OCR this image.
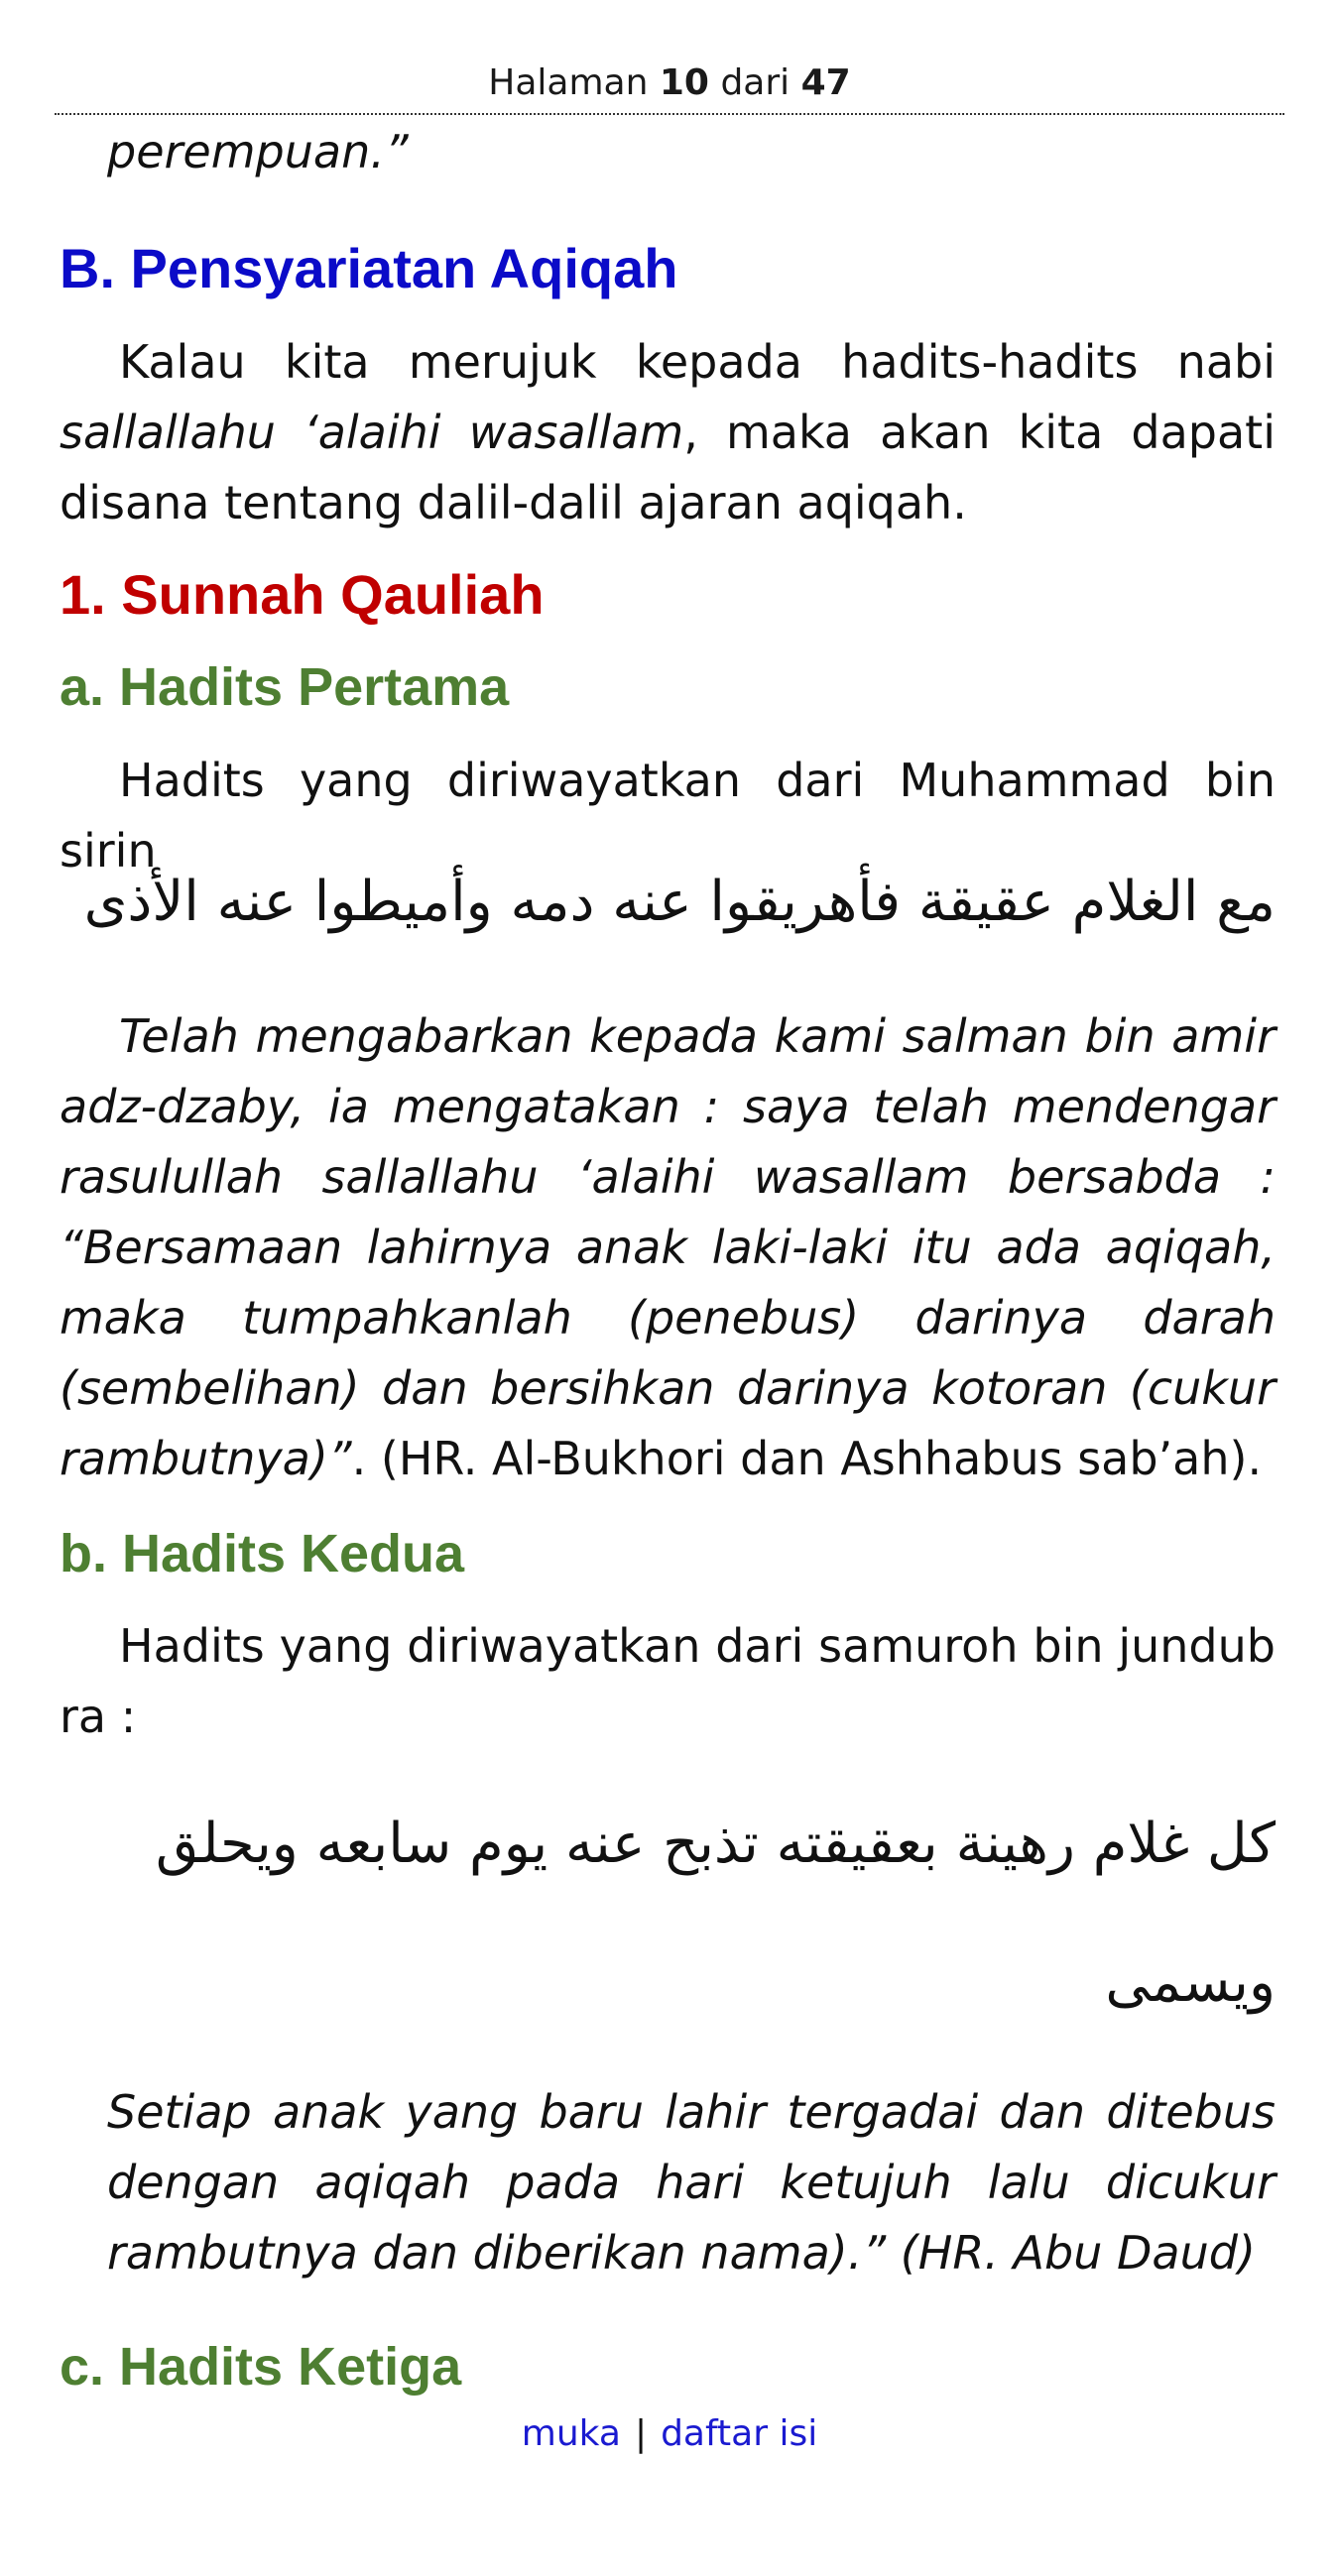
Halaman 10 dari 47
perempuan.”
B. Pensyariatan Aqiqah
Kalau kita merujuk kepada hadits-hadits nabi sallallahu ‘alaihi wasallam, maka akan kita dapati disana tentang dalil-dalil ajaran aqiqah.
1. Sunnah Qauliah
a. Hadits Pertama
Hadits yang diriwayatkan dari Muhammad bin sirin
مع الغلام عقيقة فأهريقوا عنه دمه وأميطوا عنه الأذى
Telah mengabarkan kepada kami salman bin amir adz-dzaby, ia mengatakan : saya telah mendengar rasulullah sallallahu ‘alaihi wasallam bersabda : “Bersamaan lahirnya anak laki-laki itu ada aqiqah, maka tumpahkanlah (penebus) darinya darah (sembelihan) dan bersihkan darinya kotoran (cukur rambutnya)”. (HR. Al-Bukhori dan Ashhabus sab’ah).
b. Hadits Kedua
Hadits yang diriwayatkan dari samuroh bin jundub ra :
كل غلام رهينة بعقيقته تذبح عنه يوم سابعه ويحلق ويسمى
Setiap anak yang baru lahir tergadai dan ditebus dengan aqiqah pada hari ketujuh lalu dicukur rambutnya dan diberikan nama).” (HR. Abu Daud)
c. Hadits Ketiga
muka | daftar isi
